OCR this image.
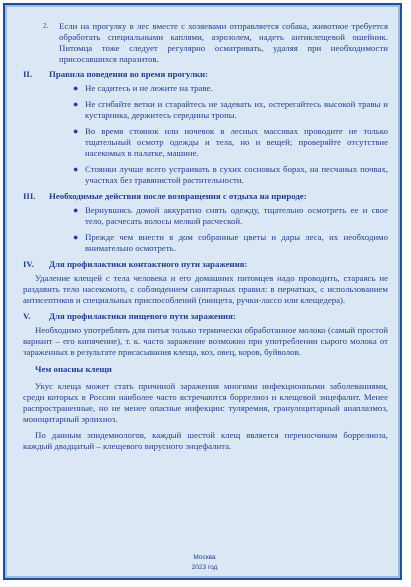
2. Если на прогулку в лес вместе с хозяевами отправляется собака, животное требуется обработать специальными каплями, аэрозолем, надеть антиклещевой ошейник. Питомца тоже следует регулярно осматривать, удаляя при необходимости присосавшихся паразитов.

II. Правила поведения во время прогулки:

● Не садитесь и не лежите на траве.
● Не сгибайте ветки и старайтесь не задевать их, остерегайтесь высокой травы и кустарника, держитесь середины тропы.
● Во время стоянок или ночевок в лесных массивах проводите не только тщательный осмотр одежды и тела, но и вещей; проверяйте отсутствие насекомых в палатке, машине.
● Стоянки лучше всего устраивать в сухих сосновых борах, на песчаных почвах, участках без травянистой растительности.

III. Необходимые действия после возвращения с отдыха на природе:

● Вернувшись домой аккуратно снять одежду, тщательно осмотреть ее и свое тело, расчесать волосы мелкой расческой.
● Прежде чем внести в дом собранные цветы и дары леса, их необходимо внимательно осмотреть.

IV. Для профилактики контактного пути заражения:

Удаление клещей с тела человека и его домашних питомцев надо проводить, стараясь не раздавить тело насекомого, с соблюдением санитарных правил: в перчатках, с использованием антисептиков и специальных приспособлений (пинцета, ручки-лассо или клещедера).

V. Для профилактики пищевого пути заражения:

Необходимо употреблять для питья только термически обработанное молоко (самый простой вариант – его кипячение), т. к. часто заражение возможно при употреблении сырого молока от зараженных в результате присасывания клеща, коз, овец, коров, буйволов.

Чем опасны клещи

Укус клеща может стать причиной заражения многими инфекционными заболеваниями, среди которых в России наиболее часто встречаются боррелиоз и клещевой энцефалит. Менее распространенные, но не менее опасные инфекции: туляремия, гранулоцитарный анаплазмоз, моноцитарный эрлихиоз.

По данным эпидемиологов, каждый шестой клещ является переносчиком боррелиоза, каждый двадцатый – клещевого вирусного энцефалита.

Москва
2023 год
